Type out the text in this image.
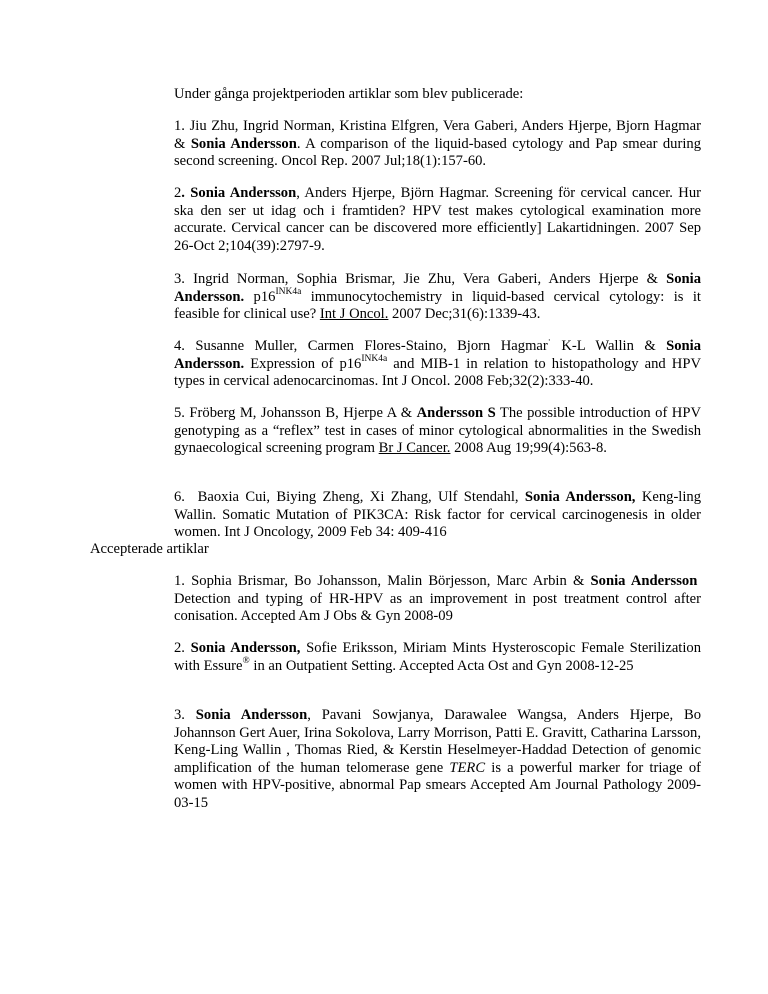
Under gånga projektperioden artiklar som blev publicerade:

1. Jiu Zhu, Ingrid Norman, Kristina Elfgren, Vera Gaberi, Anders Hjerpe, Bjorn Hagmar & Sonia Andersson. A comparison of the liquid-based cytology and Pap smear during second screening. Oncol Rep. 2007 Jul;18(1):157-60.

2. Sonia Andersson, Anders Hjerpe, Björn Hagmar. Screening för cervical cancer. Hur ska den ser ut idag och i framtiden? HPV test makes cytological examination more accurate. Cervical cancer can be discovered more efficiently] Lakartidningen. 2007 Sep 26-Oct 2;104(39):2797-9.

3. Ingrid Norman, Sophia Brismar, Jie Zhu, Vera Gaberi, Anders Hjerpe & Sonia Andersson. $p16^{INK4a}$ immunocytochemistry in liquid-based cervical cytology: is it feasible for clinical use? Int J Oncol. 2007 Dec;31(6):1339-43.

4. Susanne Muller, Carmen Flores-Staino, Bjorn Hagmar· K-L Wallin & Sonia Andersson. Expression of $p16^{INK4a}$ and MIB-1 in relation to histopathology and HPV types in cervical adenocarcinomas. Int J Oncol. 2008 Feb;32(2):333-40.

5. Fröberg M, Johansson B, Hjerpe A & Andersson S The possible introduction of HPV genotyping as a “reflex” test in cases of minor cytological abnormalities in the Swedish gynaecological screening program Br J Cancer. 2008 Aug 19;99(4):563-8.

6. Baoxia Cui, Biying Zheng, Xi Zhang, Ulf Stendahl, Sonia Andersson, Keng-ling Wallin. Somatic Mutation of PIK3CA: Risk factor for cervical carcinogenesis in older women. Int J Oncology, 2009 Feb 34: 409-416

Accepterade artiklar

1. Sophia Brismar, Bo Johansson, Malin Börjesson, Marc Arbin & Sonia Andersson  Detection and typing of HR-HPV as an improvement in post treatment control after conisation. Accepted Am J Obs & Gyn 2008-09

2. Sonia Andersson, Sofie Eriksson, Miriam Mints Hysteroscopic Female Sterilization with Essure® in an Outpatient Setting. Accepted Acta Ost and Gyn 2008-12-25

3. Sonia Andersson, Pavani Sowjanya, Darawalee Wangsa, Anders Hjerpe, Bo Johannson Gert Auer, Irina Sokolova, Larry Morrison, Patti E. Gravitt, Catharina Larsson, Keng-Ling Wallin , Thomas Ried, & Kerstin Heselmeyer-Haddad Detection of genomic amplification of the human telomerase gene TERC is a powerful marker for triage of women with HPV-positive, abnormal Pap smears Accepted Am Journal Pathology 2009-03-15
